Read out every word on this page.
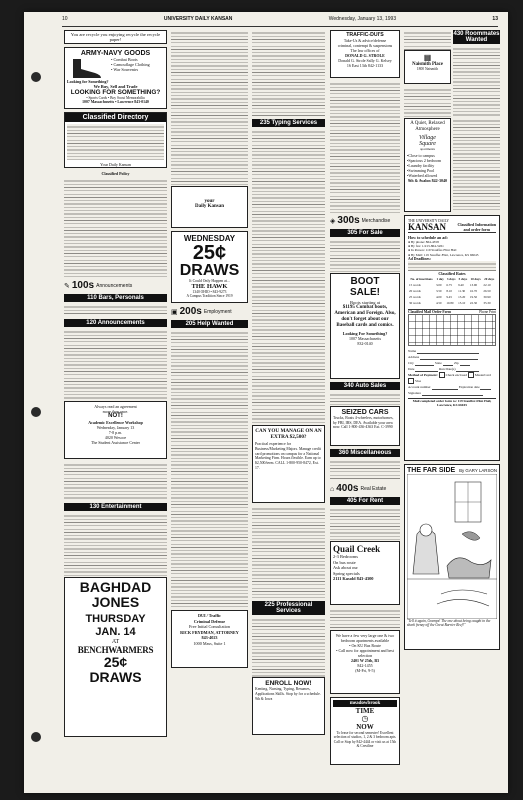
10	UNIVERSITY DAILY KANSAN	Wednesday, January 13, 1993	13
You are recycle you enjoying recycle the recycle paper!
ARMY-NAVY GOODS
Looking for Something?
• Combat Boots
• Camouflage Clothing
• War Souvenirs
We Buy, Sell and Trade
LOOKING FOR SOMETHING?
• Sports Cards • Boy Scout Memorabilia
1007 Massachusetts • Lawrence 843-0140
Classified Directory
Your Daily Kansan
Classified Policy
✎ 100s Announcements
110 Bars, Personals
120 Announcements
Always read an agreement
more than once.
NOT!
Academic Excellence Workshop
Wednesday, January 13
7-8 p.m.
4020 Wescoe
The Student Assistance Center
130 Entertainment
BAGHDAD
JONES
THURSDAY
JAN. 14
AT
BENCHWARMERS
25¢
DRAWS
your
Daily Kansan
WEDNESDAY
25¢
DRAWS
It Could Only Happen at...
THE HAWK
1340 OHIO • 843-9273
A Campus Tradition Since 1919
▣ 200s Employment
205 Help Wanted
DUI / Traffic
Criminal Defense
Free Initial Consultation
RICK FRYDMAN, ATTORNEY
843-4023
1000 Mass, Suite 1
235 Typing Services
CAN YOU MANAGE ON AN EXTRA $2,500?
Practical experience for Business/Marketing Majors. Manage credit card promotions on campus for a National Marketing Firm. Hours flexible. Earn up to $2,500/term. CALL 1-800-950-8472, Ext. 17.
225 Professional Services
ENROLL NOW!
Kenting, Nursing, Typing, Resumes, Applications Skills. Stop by for a schedule. 9th & Iowa
TRAFFIC-DUI'S
Take-Us & advice/defense
criminal, contempt & suspensions
The law offices of
DONALD G. STROLE
Donald G. Strole Sally G. Kelsey
16 East 13th 842-1133
◈ 300s Merchandise
305 For Sale
BOOT
SALE!
Boots starting at
$1195 Combat boots, American and Foreign. Also, don't forget about our Baseball cards and comics.
Looking For Something?
1007 Massachusetts
832-0140
340 Auto Sales
SEIZED CARS
Trucks, Boats 4-wheelers, motorhomes, by FBI, IRS, DEA. Available your area now. Call 1-800-436-4363 Ext. C-3990
360 Miscellaneous
⌂ 400s Real Estate
405 For Rent
Quail Creek
2-3 Bedrooms
On bus route
Ask about our
Spring specials
2111 Kasold 843-4300
We have a few very large one & two bedroom apartments available
• On KU Bus Route
• Call now for appointment and best selection
2401 W 25th, B3
842-1455
(M-Fri, 9-5)
meadowbrook
TIME
◷
NOW
To lease for second semester! Excellent selection of studios, 1, 2 & 3 bedroom apts. Call or Stop by 842-4444 or visit us at 15th & Crestline
▦
Naismith Place
1800 Naismith
430 Roommates Wanted
A Quiet, Relaxed Atmosphere
Village
Square
apartments
•Close to campus
•Spacious 2 bedroom
•Laundry facility
•Swimming Pool
•Waterbed allowed
9th & Avalon 842-3040
THE UNIVERSITY DAILY
KANSAN	Classified Information
and order form
How to schedule an ad:
● By phone: 864-4358
● By fax: 1-913-864-5261
● In Person: 119 Stauffer-Flint Hall
● By Mail: 119 Stauffer-Flint, Lawrence, KS 66045
Ad Deadlines:
Classified Rates
No. of insertions	1 day	3 days	5 days	10 days	20 days
15 words	3.00	6.75	9.40	13.90	22.10
20 words	3.50	8.10	11.30	16.70	26.50
25 words	4.00	9.45	13.20	19.50	30.90
30 words	4.50	10.80	15.10	22.30	35.30
Classified Mail Order Form	Phone Print
Name
Address
City	State	Zip
Date	Run Date(s)
Method of Payment: Check enclosed MasterCard Visa
Account number	Expiration date
Signature
Mail completed order form to: 119 Stauffer-Flint Hall, Lawrence, KS 66045
THE FAR SIDE By GARY LARSON
"Tell it again, Gramps! The one about being caught in the shark frenzy off the Great Barrier Reef!"
